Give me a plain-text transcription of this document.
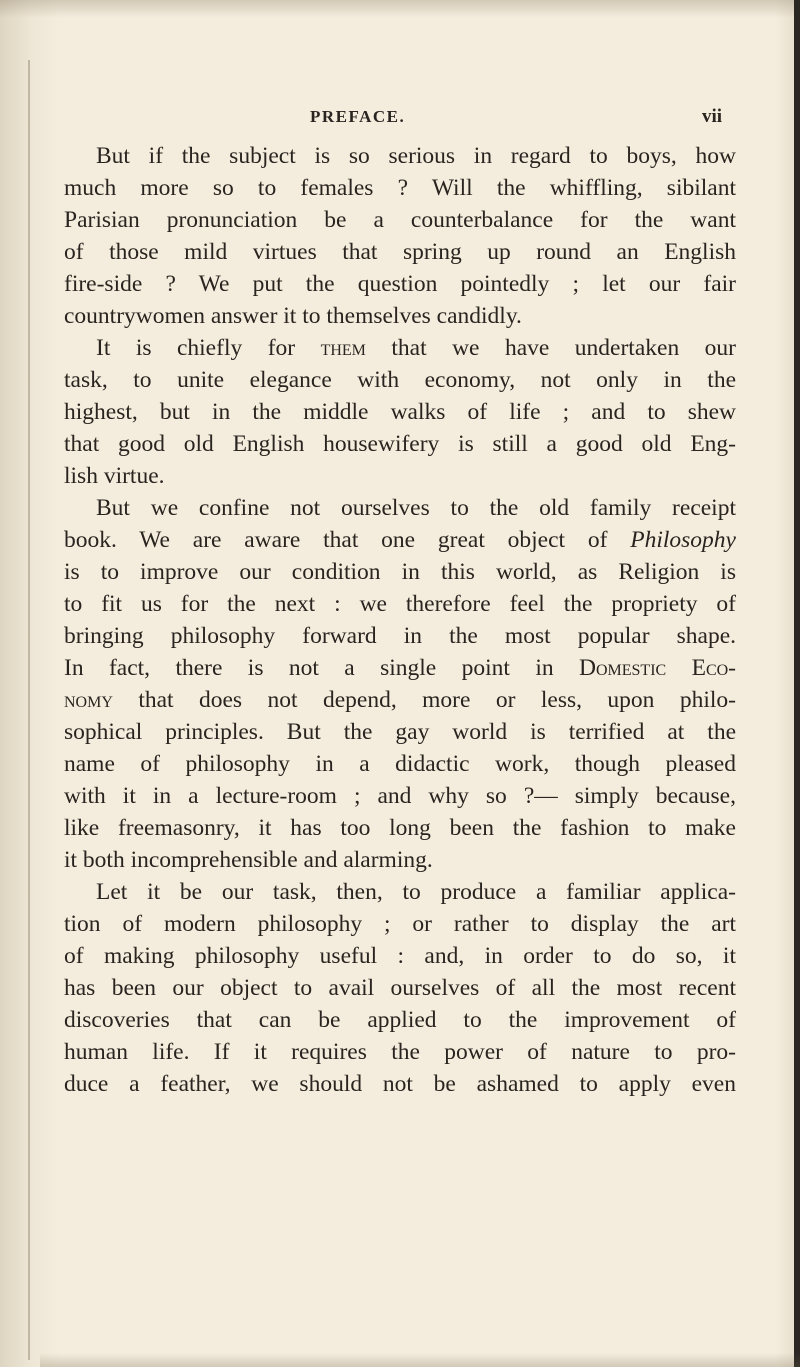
PREFACE.	vii
But if the subject is so serious in regard to boys, how
much more so to females ? Will the whiffling, sibilant
Parisian pronunciation be a counterbalance for the want
of those mild virtues that spring up round an English
fire-side ? We put the question pointedly ; let our fair
countrywomen answer it to themselves candidly.
It is chiefly for them that we have undertaken our
task, to unite elegance with economy, not only in the
highest, but in the middle walks of life ; and to shew
that good old English housewifery is still a good old Eng-
lish virtue.
But we confine not ourselves to the old family receipt
book. We are aware that one great object of Philosophy
is to improve our condition in this world, as Religion is
to fit us for the next : we therefore feel the propriety of
bringing philosophy forward in the most popular shape.
In fact, there is not a single point in Domestic Eco-
nomy that does not depend, more or less, upon philo-
sophical principles. But the gay world is terrified at the
name of philosophy in a didactic work, though pleased
with it in a lecture-room ; and why so ?— simply because,
like freemasonry, it has too long been the fashion to make
it both incomprehensible and alarming.
Let it be our task, then, to produce a familiar applica-
tion of modern philosophy ; or rather to display the art
of making philosophy useful : and, in order to do so, it
has been our object to avail ourselves of all the most recent
discoveries that can be applied to the improvement of
human life. If it requires the power of nature to pro-
duce a feather, we should not be ashamed to apply even
